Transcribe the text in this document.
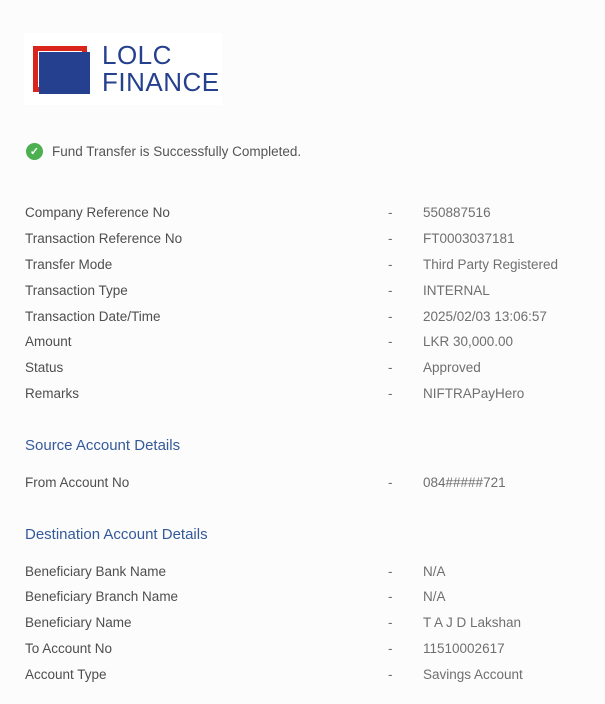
LOLC
FINANCE
✓ Fund Transfer is Successfully Completed.
Company Reference No	-	550887516
Transaction Reference No	-	FT0003037181
Transfer Mode	-	Third Party Registered
Transaction Type	-	INTERNAL
Transaction Date/Time	-	2025/02/03 13:06:57
Amount	-	LKR 30,000.00
Status	-	Approved
Remarks	-	NIFTRAPayHero
Source Account Details
From Account No	-	084#####721
Destination Account Details
Beneficiary Bank Name	-	N/A
Beneficiary Branch Name	-	N/A
Beneficiary Name	-	T A J D Lakshan
To Account No	-	11510002617
Account Type	-	Savings Account
